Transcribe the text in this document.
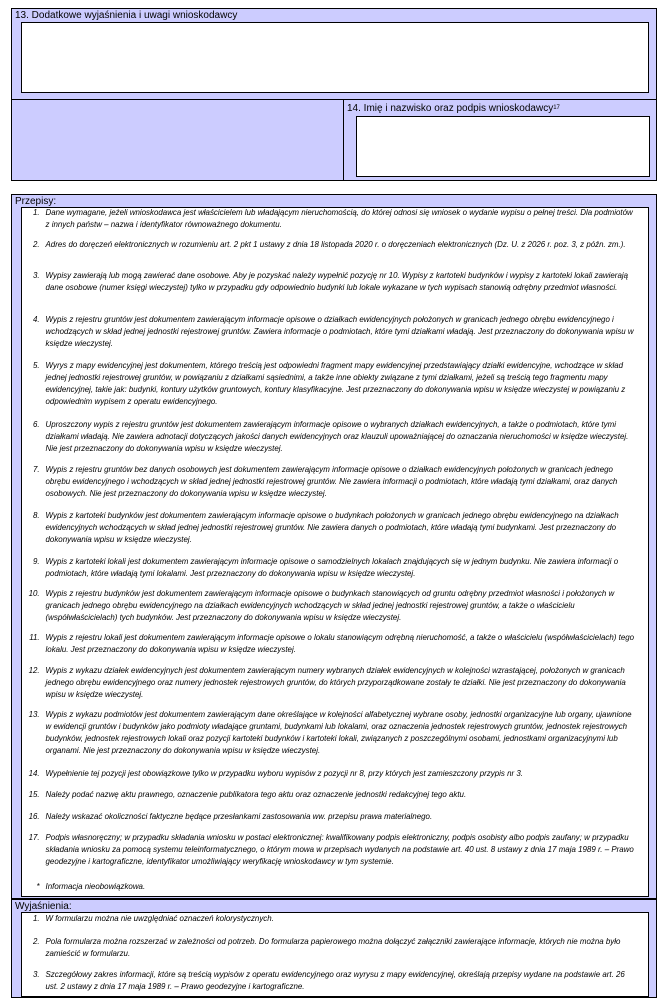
13. Dodatkowe wyjaśnienia i uwagi wnioskodawcy
14. Imię i nazwisko oraz podpis wnioskodawcy$^{17}$
Przepisy:
1. Dane wymagane, jeżeli wnioskodawca jest właścicielem lub władającym nieruchomością, do której odnosi się wniosek o wydanie wypisu o pełnej treści. Dla podmiotów z innych państw – nazwa i identyfikator równoważnego dokumentu.
2. Adres do doręczeń elektronicznych w rozumieniu art. 2 pkt 1 ustawy z dnia 18 listopada 2020 r. o doręczeniach elektronicznych (Dz. U. z 2026 r. poz. 3, z późn. zm.).
3. Wypisy zawierają lub mogą zawierać dane osobowe. Aby je pozyskać należy wypełnić pozycję nr 10. Wypisy z kartoteki budynków i wypisy z kartoteki lokali zawierają dane osobowe (numer księgi wieczystej) tylko w przypadku gdy odpowiednio budynki lub lokale wykazane w tych wypisach stanowią odrębny przedmiot własności.
4. Wypis z rejestru gruntów jest dokumentem zawierającym informacje opisowe o działkach ewidencyjnych położonych w granicach jednego obrębu ewidencyjnego i wchodzących w skład jednej jednostki rejestrowej gruntów. Zawiera informacje o podmiotach, które tymi działkami władają. Jest przeznaczony do dokonywania wpisu w księdze wieczystej.
5. Wyrys z mapy ewidencyjnej jest dokumentem, którego treścią jest odpowiedni fragment mapy ewidencyjnej przedstawiający działki ewidencyjne, wchodzące w skład jednej jednostki rejestrowej gruntów, w powiązaniu z działkami sąsiednimi, a także inne obiekty związane z tymi działkami, jeżeli są treścią tego fragmentu mapy ewidencyjnej, takie jak: budynki, kontury użytków gruntowych, kontury klasyfikacyjne. Jest przeznaczony do dokonywania wpisu w księdze wieczystej w powiązaniu z odpowiednim wypisem z operatu ewidencyjnego.
6. Uproszczony wypis z rejestru gruntów jest dokumentem zawierającym informacje opisowe o wybranych działkach ewidencyjnych, a także o podmiotach, które tymi działkami władają. Nie zawiera adnotacji dotyczących jakości danych ewidencyjnych oraz klauzuli upoważniającej do oznaczania nieruchomości w księdze wieczystej. Nie jest przeznaczony do dokonywania wpisu w księdze wieczystej.
7. Wypis z rejestru gruntów bez danych osobowych jest dokumentem zawierającym informacje opisowe o działkach ewidencyjnych położonych w granicach jednego obrębu ewidencyjnego i wchodzących w skład jednej jednostki rejestrowej gruntów. Nie zawiera informacji o podmiotach, które władają tymi działkami, oraz danych osobowych. Nie jest przeznaczony do dokonywania wpisu w księdze wieczystej.
8. Wypis z kartoteki budynków jest dokumentem zawierającym informacje opisowe o budynkach położonych w granicach jednego obrębu ewidencyjnego na działkach ewidencyjnych wchodzących w skład jednej jednostki rejestrowej gruntów. Nie zawiera danych o podmiotach, które władają tymi budynkami. Jest przeznaczony do dokonywania wpisu w księdze wieczystej.
9. Wypis z kartoteki lokali jest dokumentem zawierającym informacje opisowe o samodzielnych lokalach znajdujących się w jednym budynku. Nie zawiera informacji o podmiotach, które władają tymi lokalami. Jest przeznaczony do dokonywania wpisu w księdze wieczystej.
10. Wypis z rejestru budynków jest dokumentem zawierającym informacje opisowe o budynkach stanowiących od gruntu odrębny przedmiot własności i położonych w granicach jednego obrębu ewidencyjnego na działkach ewidencyjnych wchodzących w skład jednej jednostki rejestrowej gruntów, a także o właścicielu (współwłaścicielach) tych budynków. Jest przeznaczony do dokonywania wpisu w księdze wieczystej.
11. Wypis z rejestru lokali jest dokumentem zawierającym informacje opisowe o lokalu stanowiącym odrębną nieruchomość, a także o właścicielu (współwłaścicielach) tego lokalu. Jest przeznaczony do dokonywania wpisu w księdze wieczystej.
12. Wypis z wykazu działek ewidencyjnych jest dokumentem zawierającym numery wybranych działek ewidencyjnych w kolejności wzrastającej, położonych w granicach jednego obrębu ewidencyjnego oraz numery jednostek rejestrowych gruntów, do których przyporządkowane zostały te działki. Nie jest przeznaczony do dokonywania wpisu w księdze wieczystej.
13. Wypis z wykazu podmiotów jest dokumentem zawierającym dane określające w kolejności alfabetycznej wybrane osoby, jednostki organizacyjne lub organy, ujawnione w ewidencji gruntów i budynków jako podmioty władające gruntami, budynkami lub lokalami, oraz oznaczenia jednostek rejestrowych gruntów, jednostek rejestrowych budynków, jednostek rejestrowych lokali oraz pozycji kartoteki budynków i kartoteki lokali, związanych z poszczególnymi osobami, jednostkami organizacyjnymi lub organami. Nie jest przeznaczony do dokonywania wpisu w księdze wieczystej.
14. Wypełnienie tej pozycji jest obowiązkowe tylko w przypadku wyboru wypisów z pozycji nr 8, przy których jest zamieszczony przypis nr 3.
15. Należy podać nazwę aktu prawnego, oznaczenie publikatora tego aktu oraz oznaczenie jednostki redakcyjnej tego aktu.
16. Należy wskazać okoliczności faktyczne będące przesłankami zastosowania ww. przepisu prawa materialnego.
17. Podpis własnoręczny; w przypadku składania wniosku w postaci elektronicznej: kwalifikowany podpis elektroniczny, podpis osobisty albo podpis zaufany; w przypadku składania wniosku za pomocą systemu teleinformatycznego, o którym mowa w przepisach wydanych na podstawie art. 40 ust. 8 ustawy z dnia 17 maja 1989 r. – Prawo geodezyjne i kartograficzne, identyfikator umożliwiający weryfikację wnioskodawcy w tym systemie.
* Informacja nieobowiązkowa.
Wyjaśnienia:
1. W formularzu można nie uwzględniać oznaczeń kolorystycznych.
2. Pola formularza można rozszerzać w zależności od potrzeb. Do formularza papierowego można dołączyć załączniki zawierające informacje, których nie można było zamieścić w formularzu.
3. Szczegółowy zakres informacji, które są treścią wypisów z operatu ewidencyjnego oraz wyrysu z mapy ewidencyjnej, określają przepisy wydane na podstawie art. 26 ust. 2 ustawy z dnia 17 maja 1989 r. – Prawo geodezyjne i kartograficzne.
